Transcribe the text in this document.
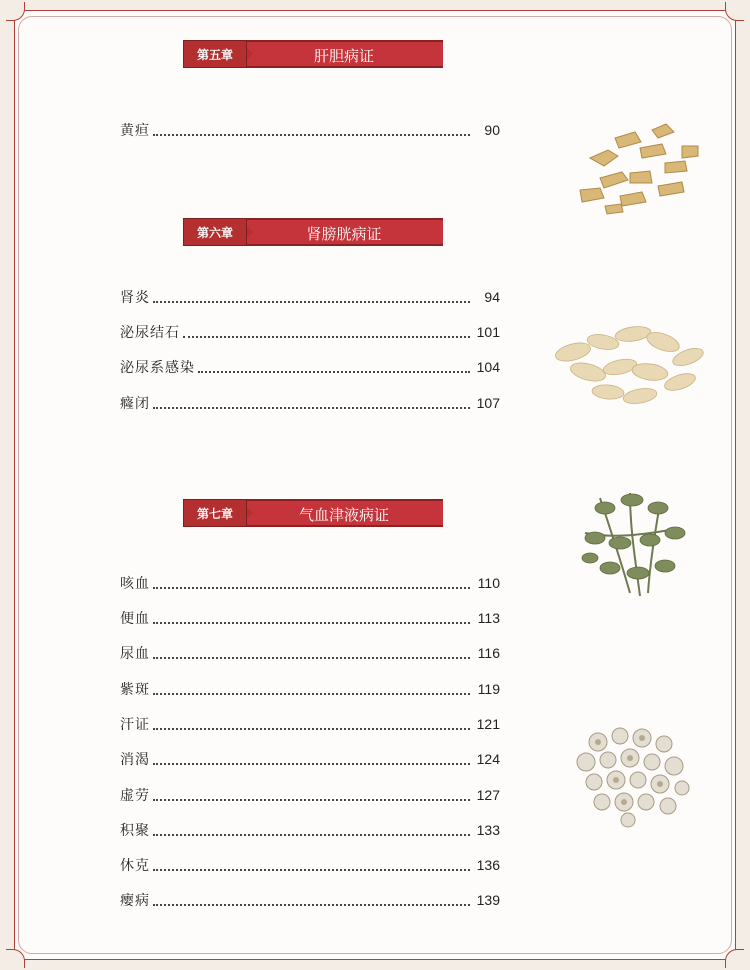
肝胆病证
第五章
黄疸	90
肾膀胱病证
第六章
肾炎	94
泌尿结石	101
泌尿系感染	104
癃闭	107
气血津液病证
第七章
咳血	110
便血	113
尿血	116
紫斑	119
汗证	121
消渴	124
虚劳	127
积聚	133
休克	136
瘿病	139
